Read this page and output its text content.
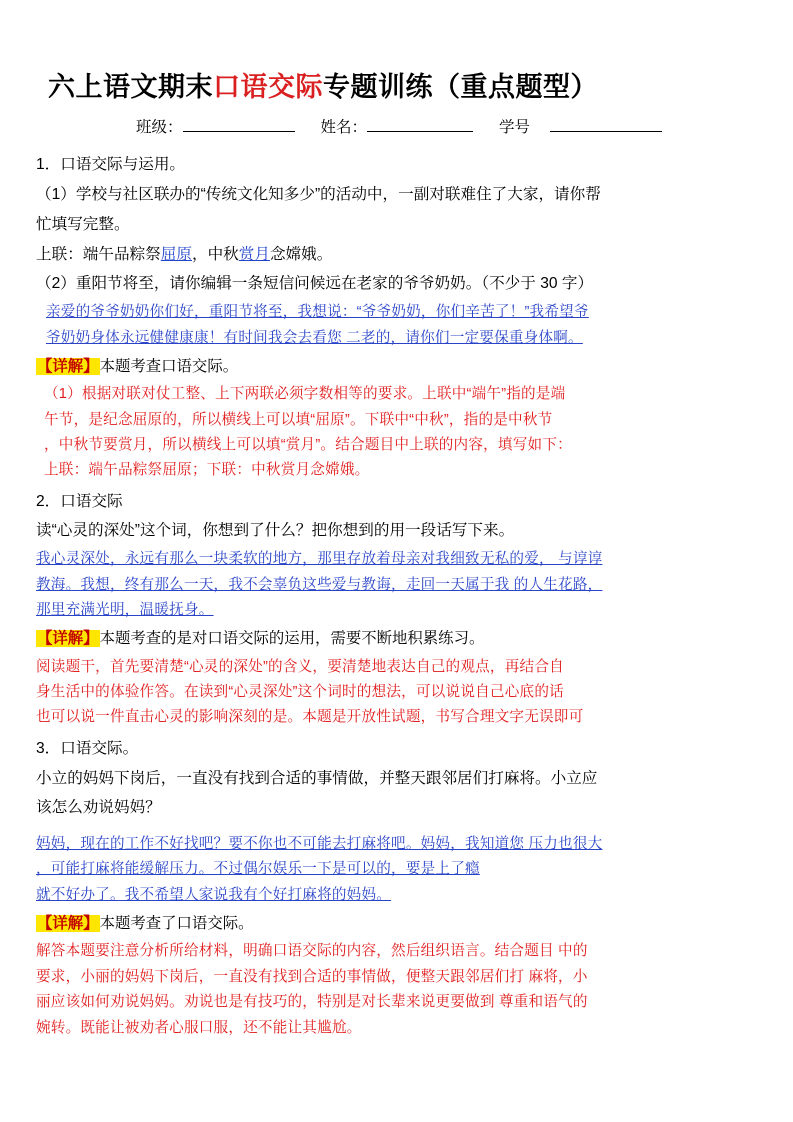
六上语文期末口语交际专题训练（重点题型）
班级：	姓名：	学号

1．口语交际与运用。

（1）学校与社区联办的“传统文化知多少”的活动中，一副对联难住了大家，请你帮

忙填写完整。

上联：端午品粽祭屈原，中秋赏月念嫦娥。

（2）重阳节将至，请你编辑一条短信问候远在老家的爷爷奶奶。（不少于 30 字）

亲爱的爷爷奶奶你们好，重阳节将至，我想说：“爷爷奶奶，你们辛苦了！”我希望爷

爷奶奶身体永远健健康康！有时间我会去看您 二老的，请你们一定要保重身体啊。

【详解】本题考查口语交际。

（1）根据对联对仗工整、上下两联必须字数相等的要求。上联中“端午”指的是端

午节，是纪念屈原的，所以横线上可以填“屈原”。下联中“中秋”，指的是中秋节

，中秋节要赏月，所以横线上可以填“赏月”。结合题目中上联的内容，填写如下：

上联：端午品粽祭屈原；下联：中秋赏月念嫦娥。

2．口语交际

读“心灵的深处”这个词，你想到了什么？把你想到的用一段话写下来。

我心灵深处，永远有那么一块柔软的地方，那里存放着母亲对我细致无私的爱， 与谆谆

教海。我想，终有那么一天，我不会辜负这些爱与教诲，走回一天属于我 的人生花路，

那里充满光明，温暖抚身。

【详解】本题考查的是对口语交际的运用，需要不断地积累练习。

阅读题干，首先要清楚“心灵的深处”的含义，要清楚地表达自己的观点，再结合自

身生活中的体验作答。在读到“心灵深处”这个词时的想法，可以说说自己心底的话

也可以说一件直击心灵的影响深刻的是。本题是开放性试题，书写合理文字无误即可

3．口语交际。

小立的妈妈下岗后，一直没有找到合适的事情做，并整天跟邻居们打麻将。小立应

该怎么劝说妈妈？

妈妈，现在的工作不好找吧？要不你也不可能去打麻将吧。妈妈，我知道您 压力也很大

，可能打麻将能缓解压力。不过偶尔娱乐一下是可以的，要是上了瘾

就不好办了。我不希望人家说我有个好打麻将的妈妈。

【详解】本题考查了口语交际。

解答本题要注意分析所给材料，明确口语交际的内容，然后组织语言。结合题目 中的

要求，小丽的妈妈下岗后，一直没有找到合适的事情做，便整天跟邻居们打 麻将，小

丽应该如何劝说妈妈。劝说也是有技巧的，特别是对长辈来说更要做到 尊重和语气的

婉转。既能让被劝者心服口服，还不能让其尴尬。
